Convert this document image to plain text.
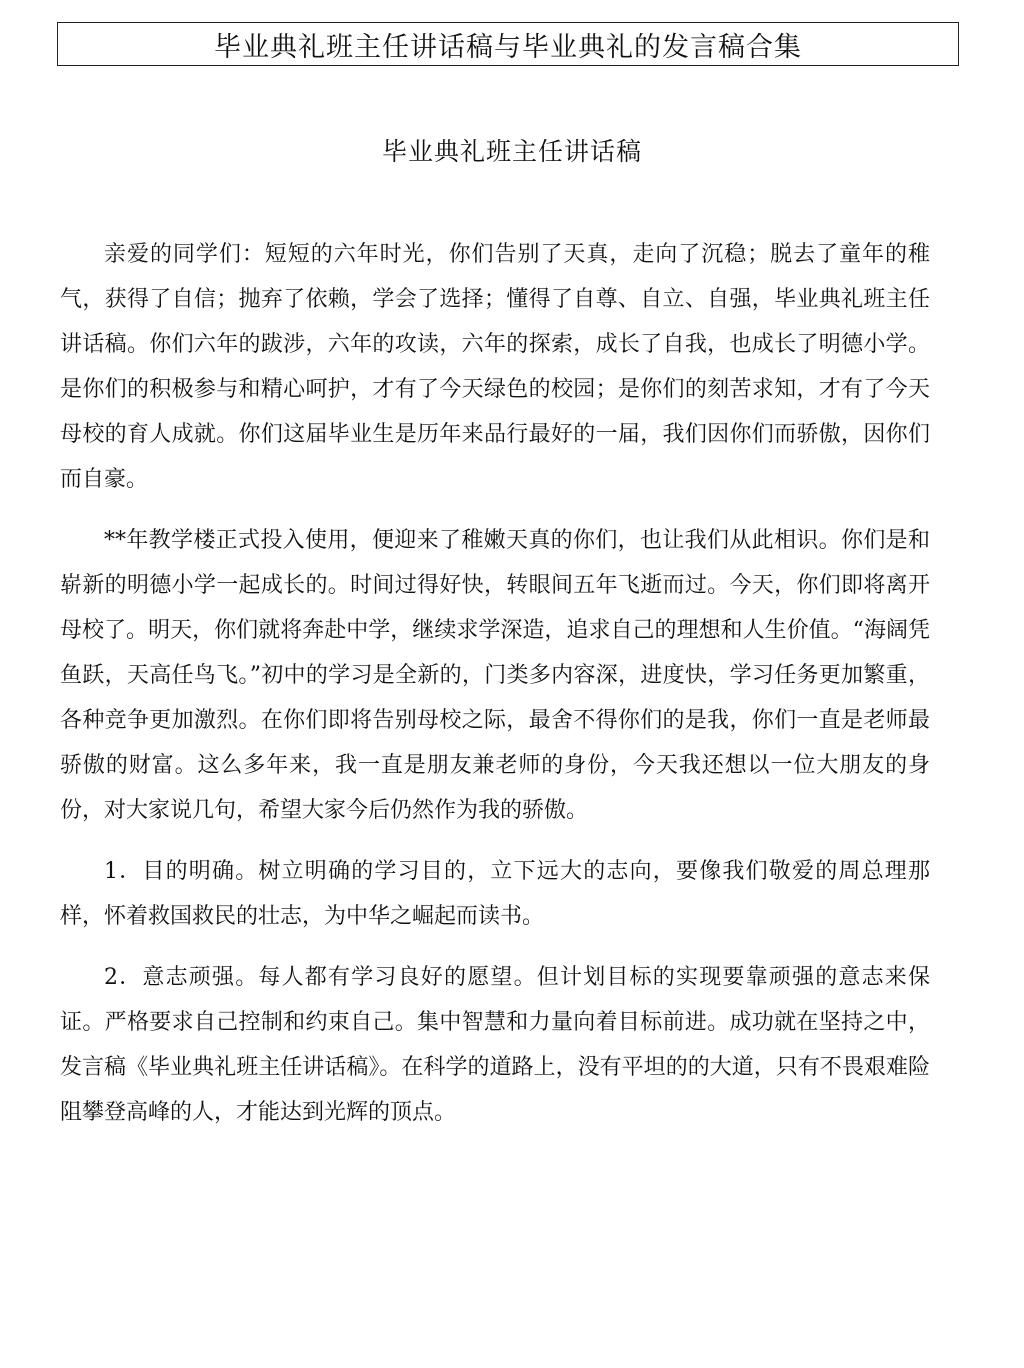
毕业典礼班主任讲话稿与毕业典礼的发言稿合集
毕业典礼班主任讲话稿

亲爱的同学们：短短的六年时光，你们告别了天真，走向了沉稳；脱去了童年的稚气，获得了自信；抛弃了依赖，学会了选择；懂得了自尊、自立、自强，毕业典礼班主任讲话稿。你们六年的跋涉，六年的攻读，六年的探索，成长了自我，也成长了明德小学。是你们的积极参与和精心呵护，才有了今天绿色的校园；是你们的刻苦求知，才有了今天母校的育人成就。你们这届毕业生是历年来品行最好的一届，我们因你们而骄傲，因你们而自豪。

**年教学楼正式投入使用，便迎来了稚嫩天真的你们，也让我们从此相识。你们是和崭新的明德小学一起成长的。时间过得好快，转眼间五年飞逝而过。今天，你们即将离开母校了。明天，你们就将奔赴中学，继续求学深造，追求自己的理想和人生价值。“海阔凭鱼跃，天高任鸟飞。”初中的学习是全新的，门类多内容深，进度快，学习任务更加繁重，各种竞争更加激烈。在你们即将告别母校之际，最舍不得你们的是我，你们一直是老师最骄傲的财富。这么多年来，我一直是朋友兼老师的身份，今天我还想以一位大朋友的身份，对大家说几句，希望大家今后仍然作为我的骄傲。

1．目的明确。树立明确的学习目的，立下远大的志向，要像我们敬爱的周总理那样，怀着救国救民的壮志，为中华之崛起而读书。

2．意志顽强。每人都有学习良好的愿望。但计划目标的实现要靠顽强的意志来保证。严格要求自己控制和约束自己。集中智慧和力量向着目标前进。成功就在坚持之中，发言稿《毕业典礼班主任讲话稿》。在科学的道路上，没有平坦的的大道，只有不畏艰难险阻攀登高峰的人，才能达到光辉的顶点。
